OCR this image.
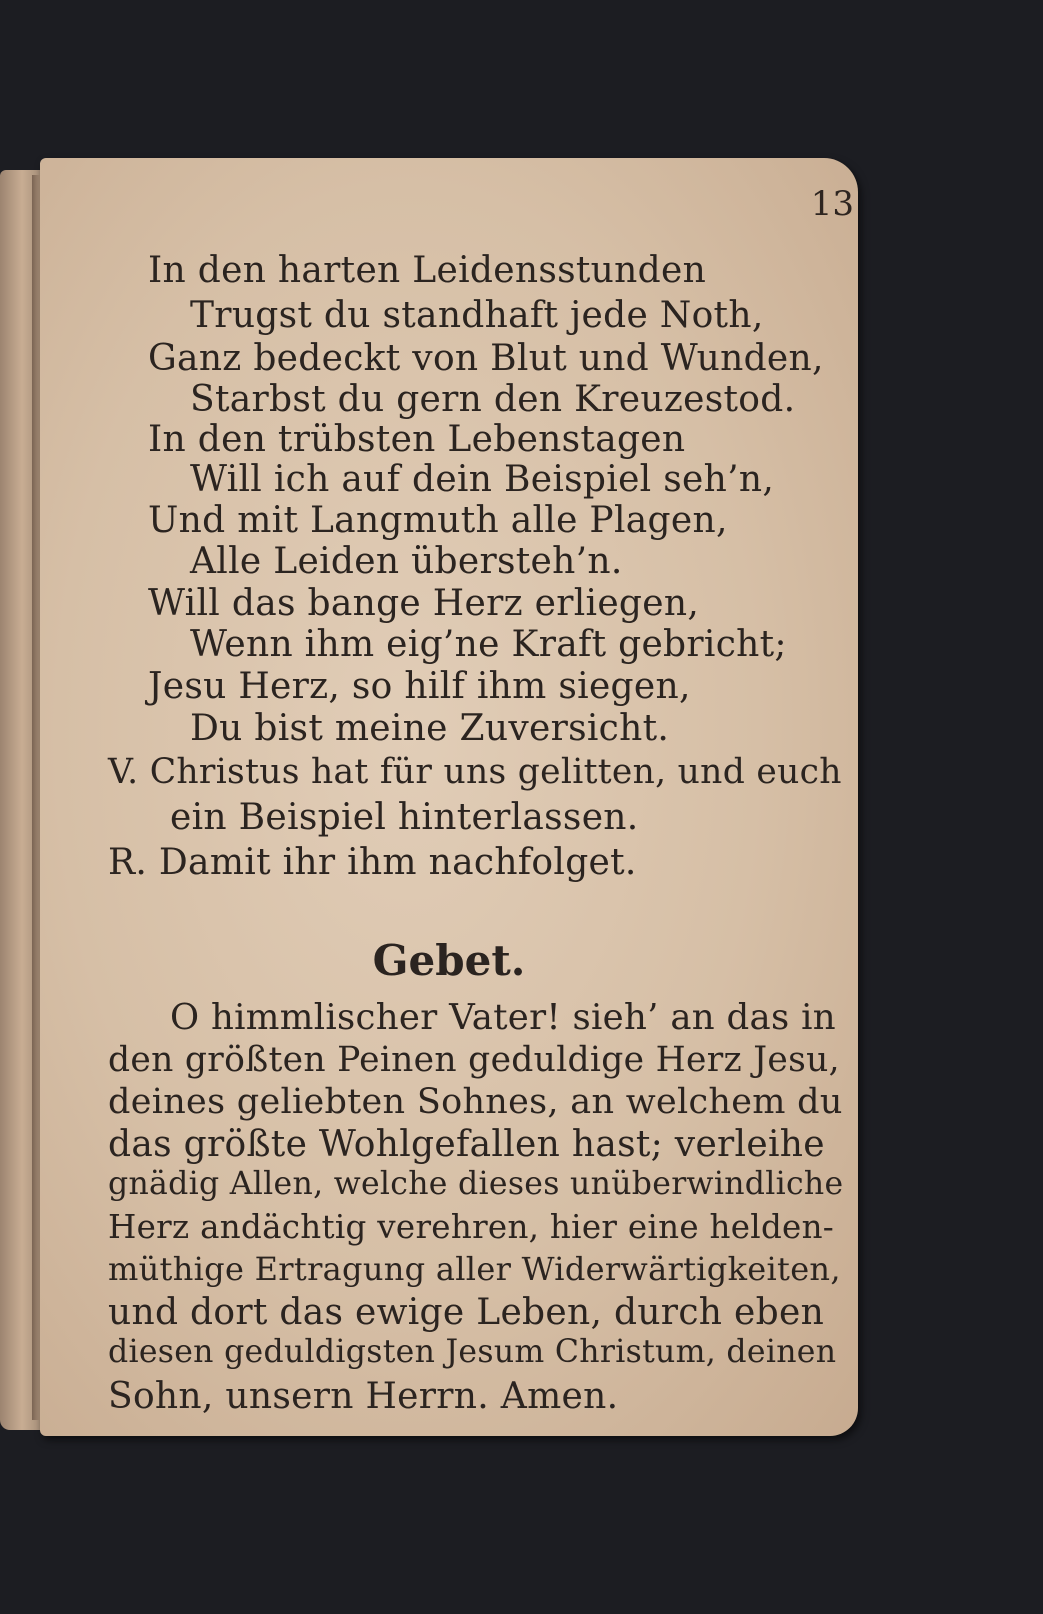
13
In den harten Leidensstunden
Trugst du standhaft jede Noth,
Ganz bedeckt von Blut und Wunden,
Starbst du gern den Kreuzestod.
In den trübsten Lebenstagen
Will ich auf dein Beispiel seh’n,
Und mit Langmuth alle Plagen,
Alle Leiden übersteh’n.
Will das bange Herz erliegen,
Wenn ihm eig’ne Kraft gebricht;
Jesu Herz, so hilf ihm siegen,
Du bist meine Zuversicht.
V. Christus hat für uns gelitten, und euch
ein Beispiel hinterlassen.
R. Damit ihr ihm nachfolget.
Gebet.
O himmlischer Vater! sieh’ an das in
den größten Peinen geduldige Herz Jesu,
deines geliebten Sohnes, an welchem du
das größte Wohlgefallen hast; verleihe
gnädig Allen, welche dieses unüberwindliche
Herz andächtig verehren, hier eine helden-
müthige Ertragung aller Widerwärtigkeiten,
und dort das ewige Leben, durch eben
diesen geduldigsten Jesum Christum, deinen
Sohn, unsern Herrn. Amen.
